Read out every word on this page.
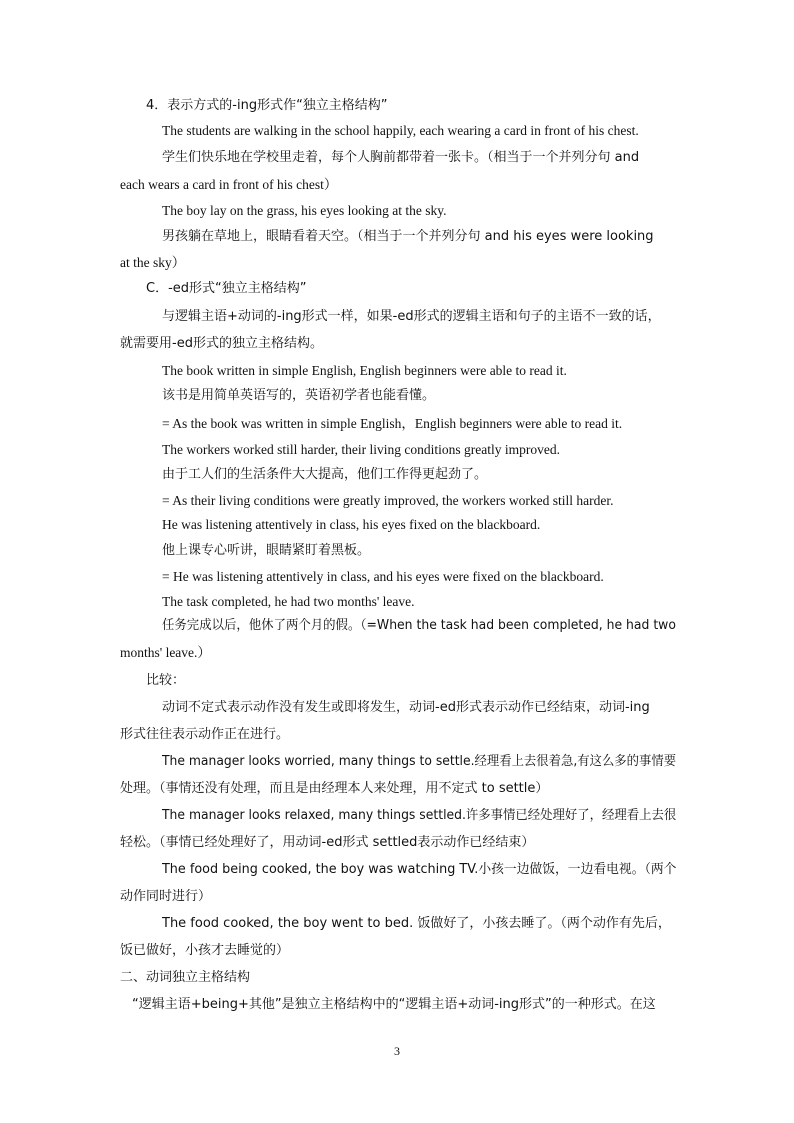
4．表示方式的-ing形式作“独立主格结构”
The students are walking in the school happily, each wearing a card in front of his chest.
学生们快乐地在学校里走着，每个人胸前都带着一张卡。（相当于一个并列分句 and
each wears a card in front of his chest）
The boy lay on the grass, his eyes looking at the sky.
男孩躺在草地上，眼睛看着天空。（相当于一个并列分句 and his eyes were looking
at the sky）
C．-ed形式“独立主格结构”
与逻辑主语+动词的-ing形式一样，如果-ed形式的逻辑主语和句子的主语不一致的话，
就需要用-ed形式的独立主格结构。
The book written in simple English, English beginners were able to read it.
该书是用简单英语写的，英语初学者也能看懂。
= As the book was written in simple English，English beginners were able to read it.
The workers worked still harder, their living conditions greatly improved.
由于工人们的生活条件大大提高，他们工作得更起劲了。
= As their living conditions were greatly improved, the workers worked still harder.
He was listening attentively in class, his eyes fixed on the blackboard.
他上课专心听讲，眼睛紧盯着黑板。
= He was listening attentively in class, and his eyes were fixed on the blackboard.
The task completed, he had two months' leave.
任务完成以后，他休了两个月的假。（=When the task had been completed, he had two
months' leave.）
比较：
动词不定式表示动作没有发生或即将发生，动词-ed形式表示动作已经结束，动词-ing
形式往往表示动作正在进行。
The manager looks worried, many things to settle.经理看上去很着急,有这么多的事情要
处理。（事情还没有处理，而且是由经理本人来处理，用不定式 to settle）
The manager looks relaxed, many things settled.许多事情已经处理好了，经理看上去很
轻松。（事情已经处理好了，用动词-ed形式 settled表示动作已经结束）
The food being cooked, the boy was watching TV.小孩一边做饭，一边看电视。（两个
动作同时进行）
The food cooked, the boy went to bed. 饭做好了，小孩去睡了。（两个动作有先后，
饭已做好，小孩才去睡觉的）
二、动词独立主格结构
“逻辑主语+being+其他”是独立主格结构中的“逻辑主语+动词-ing形式”的一种形式。在这
3
